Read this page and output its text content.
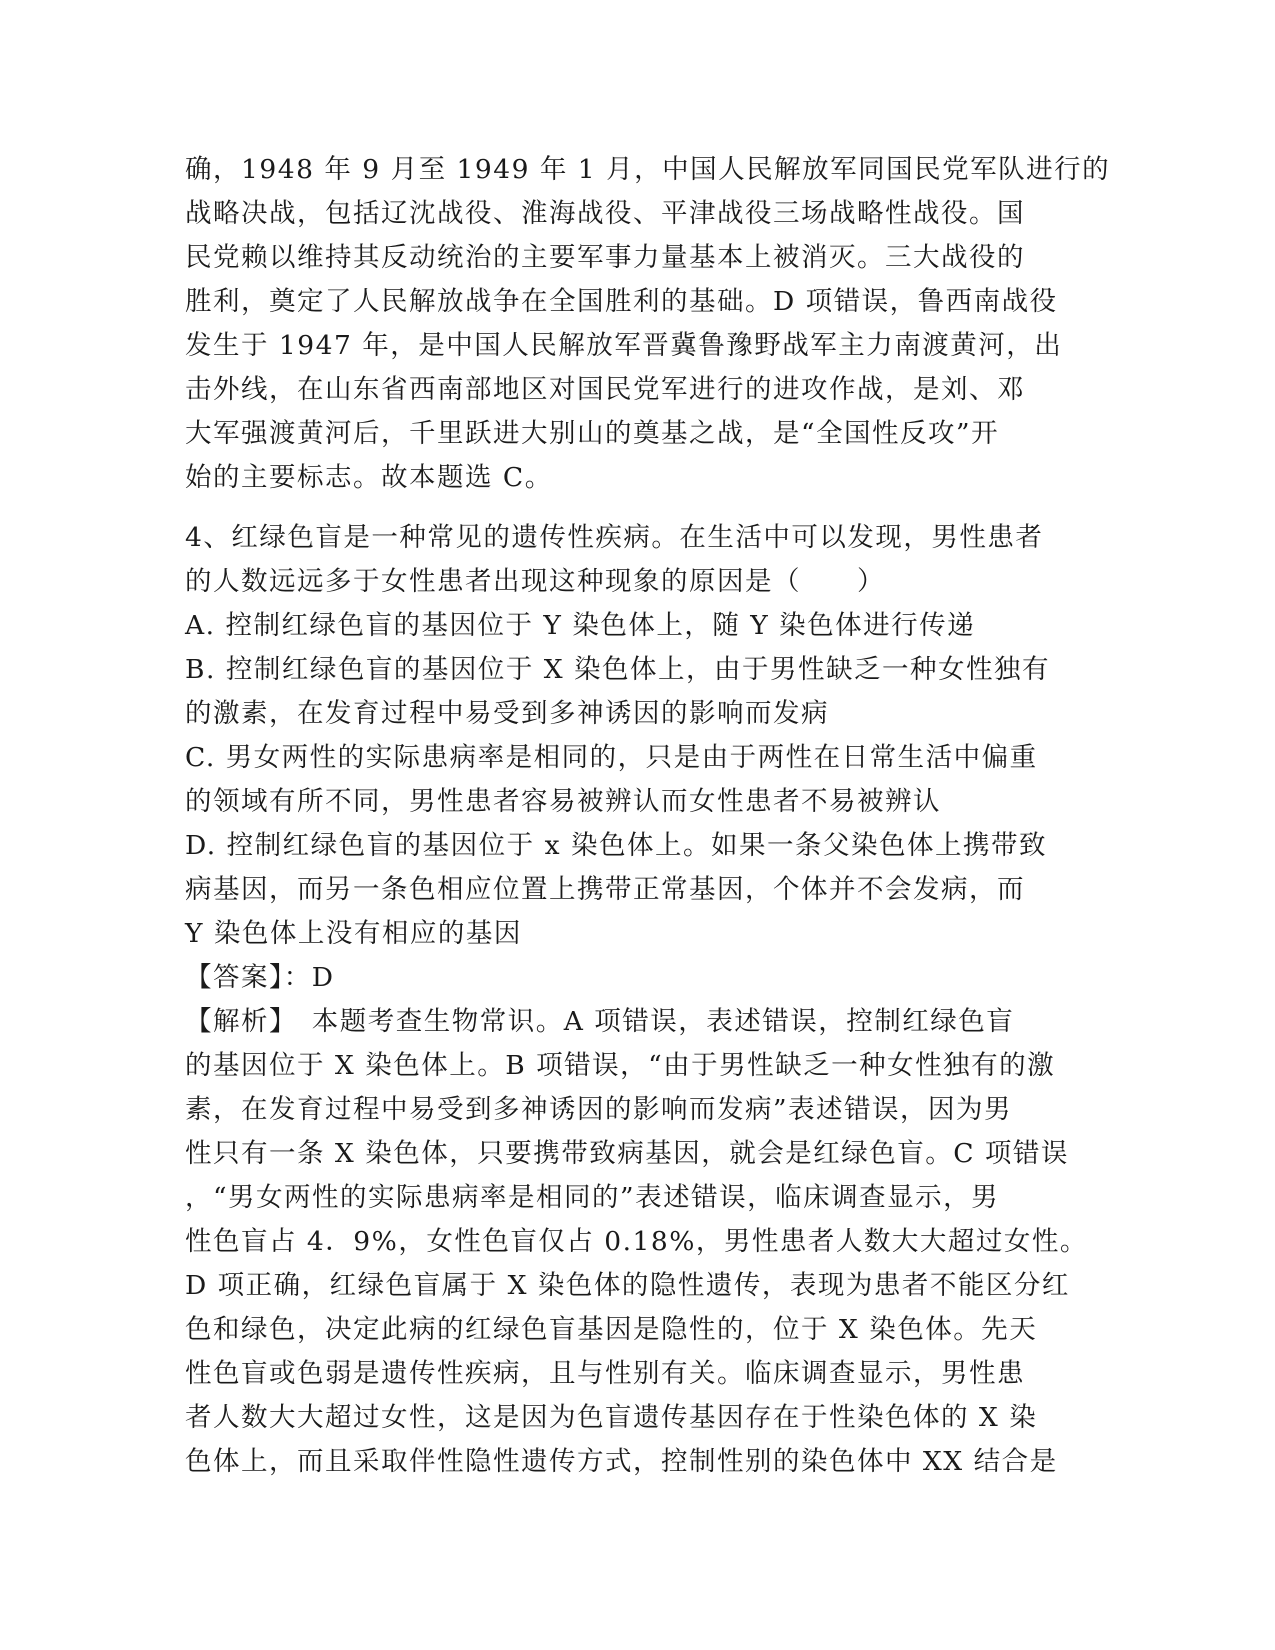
确，1948 年 9 月至 1949 年 1 月，中国人民解放军同国民党军队进行的
战略决战，包括辽沈战役、淮海战役、平津战役三场战略性战役。国
民党赖以维持其反动统治的主要军事力量基本上被消灭。三大战役的
胜利，奠定了人民解放战争在全国胜利的基础。D 项错误，鲁西南战役
发生于 1947 年，是中国人民解放军晋冀鲁豫野战军主力南渡黄河，出
击外线，在山东省西南部地区对国民党军进行的进攻作战，是刘、邓
大军强渡黄河后，千里跃进大别山的奠基之战，是“全国性反攻”开
始的主要标志。故本题选 C。
4、红绿色盲是一种常见的遗传性疾病。在生活中可以发现，男性患者
的人数远远多于女性患者出现这种现象的原因是（　　）
A. 控制红绿色盲的基因位于 Y 染色体上，随 Y 染色体进行传递
B. 控制红绿色盲的基因位于 X 染色体上，由于男性缺乏一种女性独有
的激素，在发育过程中易受到多神诱因的影响而发病
C. 男女两性的实际患病率是相同的，只是由于两性在日常生活中偏重
的领域有所不同，男性患者容易被辨认而女性患者不易被辨认
D. 控制红绿色盲的基因位于 x 染色体上。如果一条父染色体上携带致
病基因，而另一条色相应位置上携带正常基因，个体并不会发病，而
Y 染色体上没有相应的基因
【答案】：D
【解析】　本题考查生物常识。A 项错误，表述错误，控制红绿色盲
的基因位于 X 染色体上。B 项错误，“由于男性缺乏一种女性独有的激
素，在发育过程中易受到多神诱因的影响而发病”表述错误，因为男
性只有一条 X 染色体，只要携带致病基因，就会是红绿色盲。C 项错误
，“男女两性的实际患病率是相同的”表述错误，临床调查显示，男
性色盲占 4．9%，女性色盲仅占 0.18%，男性患者人数大大超过女性。
D 项正确，红绿色盲属于 X 染色体的隐性遗传，表现为患者不能区分红
色和绿色，决定此病的红绿色盲基因是隐性的，位于 X 染色体。先天
性色盲或色弱是遗传性疾病，且与性别有关。临床调查显示，男性患
者人数大大超过女性，这是因为色盲遗传基因存在于性染色体的 X 染
色体上，而且采取伴性隐性遗传方式，控制性别的染色体中 XX 结合是
